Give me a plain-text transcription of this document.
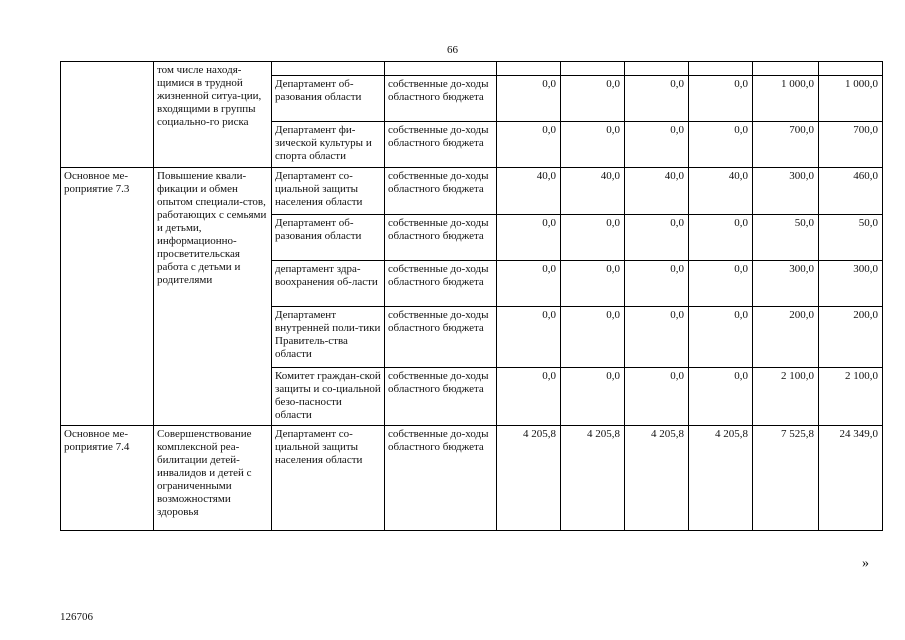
66
	том числе находя-щимися в трудной жизненной ситуа-ции, входящими в группы социально-го риска								
		Департамент об-разования области	собственные до-ходы областного бюджета	0,0	0,0	0,0	0,0	1 000,0	1 000,0
		Департамент фи-зической культуры и спорта области	собственные до-ходы областного бюджета	0,0	0,0	0,0	0,0	700,0	700,0
Основное ме-роприятие 7.3	Повышение квали-фикации и обмен опытом специали-стов, работающих с семьями и детьми, информационно-просветительская работа с детьми и родителями	Департамент со-циальной защиты населения области	собственные до-ходы областного бюджета	40,0	40,0	40,0	40,0	300,0	460,0
		Департамент об-разования области	собственные до-ходы областного бюджета	0,0	0,0	0,0	0,0	50,0	50,0
		департамент здра-воохранения об-ласти	собственные до-ходы областного бюджета	0,0	0,0	0,0	0,0	300,0	300,0
		Департамент внутренней поли-тики Правитель-ства области	собственные до-ходы областного бюджета	0,0	0,0	0,0	0,0	200,0	200,0
		Комитет граждан-ской защиты и со-циальной безо-пасности области	собственные до-ходы областного бюджета	0,0	0,0	0,0	0,0	2 100,0	2 100,0
Основное ме-роприятие 7.4	Совершенствование комплексной реа-билитации детей-инвалидов и детей с ограниченными возможностями здоровья	Департамент со-циальной защиты населения области	собственные до-ходы областного бюджета	4 205,8	4 205,8	4 205,8	4 205,8	7 525,8	24 349,0
»
126706
